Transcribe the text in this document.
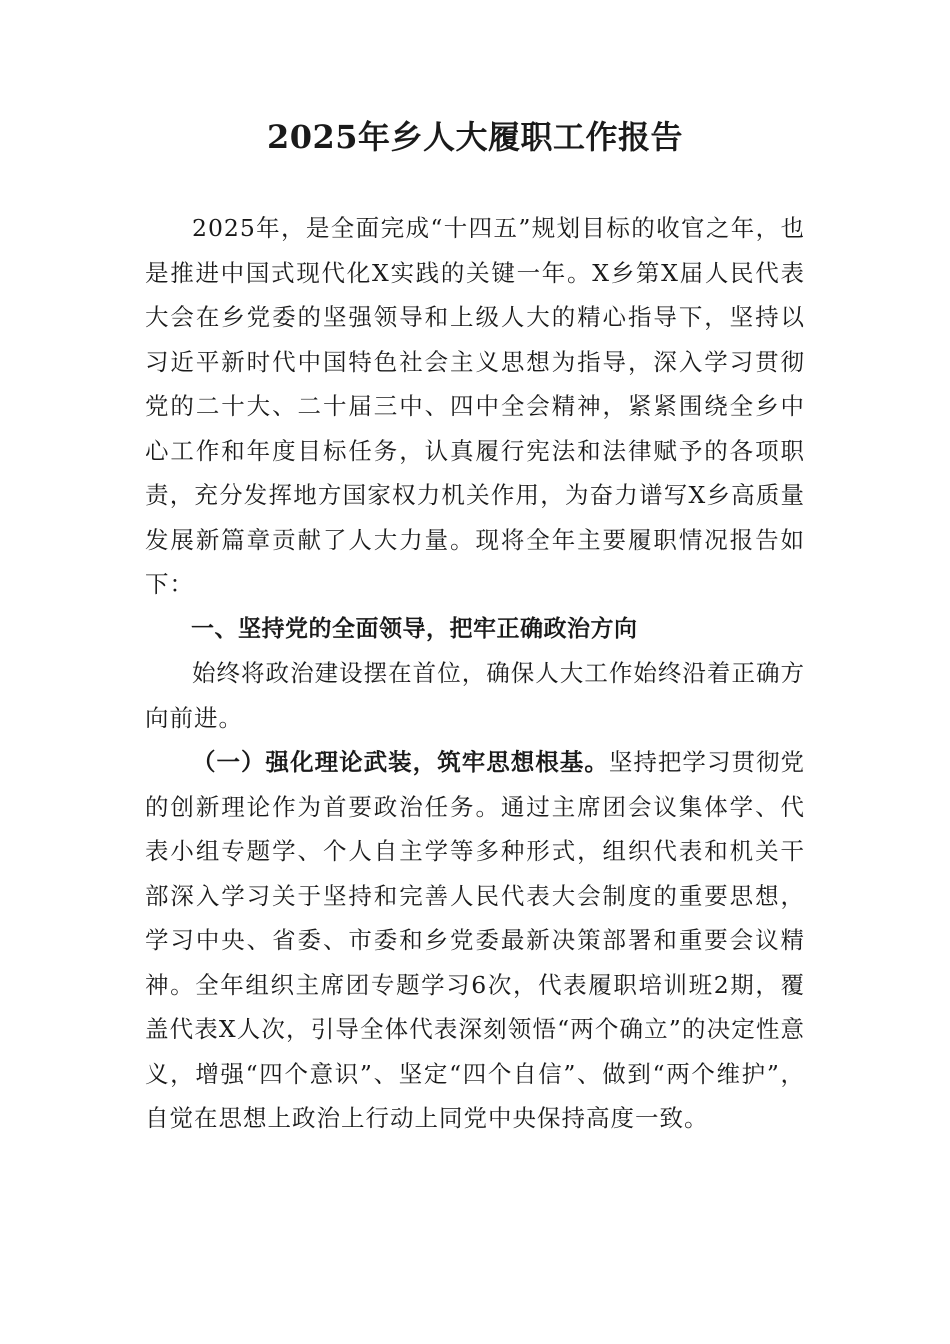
2025年乡人大履职工作报告

2025年，是全面完成“十四五”规划目标的收官之年，也是推进中国式现代化X实践的关键一年。X乡第X届人民代表大会在乡党委的坚强领导和上级人大的精心指导下，坚持以习近平新时代中国特色社会主义思想为指导，深入学习贯彻党的二十大、二十届三中、四中全会精神，紧紧围绕全乡中心工作和年度目标任务，认真履行宪法和法律赋予的各项职责，充分发挥地方国家权力机关作用，为奋力谱写X乡高质量发展新篇章贡献了人大力量。现将全年主要履职情况报告如下：

一、坚持党的全面领导，把牢正确政治方向

始终将政治建设摆在首位，确保人大工作始终沿着正确方向前进。

（一）强化理论武装，筑牢思想根基。坚持把学习贯彻党的创新理论作为首要政治任务。通过主席团会议集体学、代表小组专题学、个人自主学等多种形式，组织代表和机关干部深入学习关于坚持和完善人民代表大会制度的重要思想，学习中央、省委、市委和乡党委最新决策部署和重要会议精神。全年组织主席团专题学习6次，代表履职培训班2期，覆盖代表X人次，引导全体代表深刻领悟“两个确立”的决定性意义，增强“四个意识”、坚定“四个自信”、做到“两个维护”，自觉在思想上政治上行动上同党中央保持高度一致。
